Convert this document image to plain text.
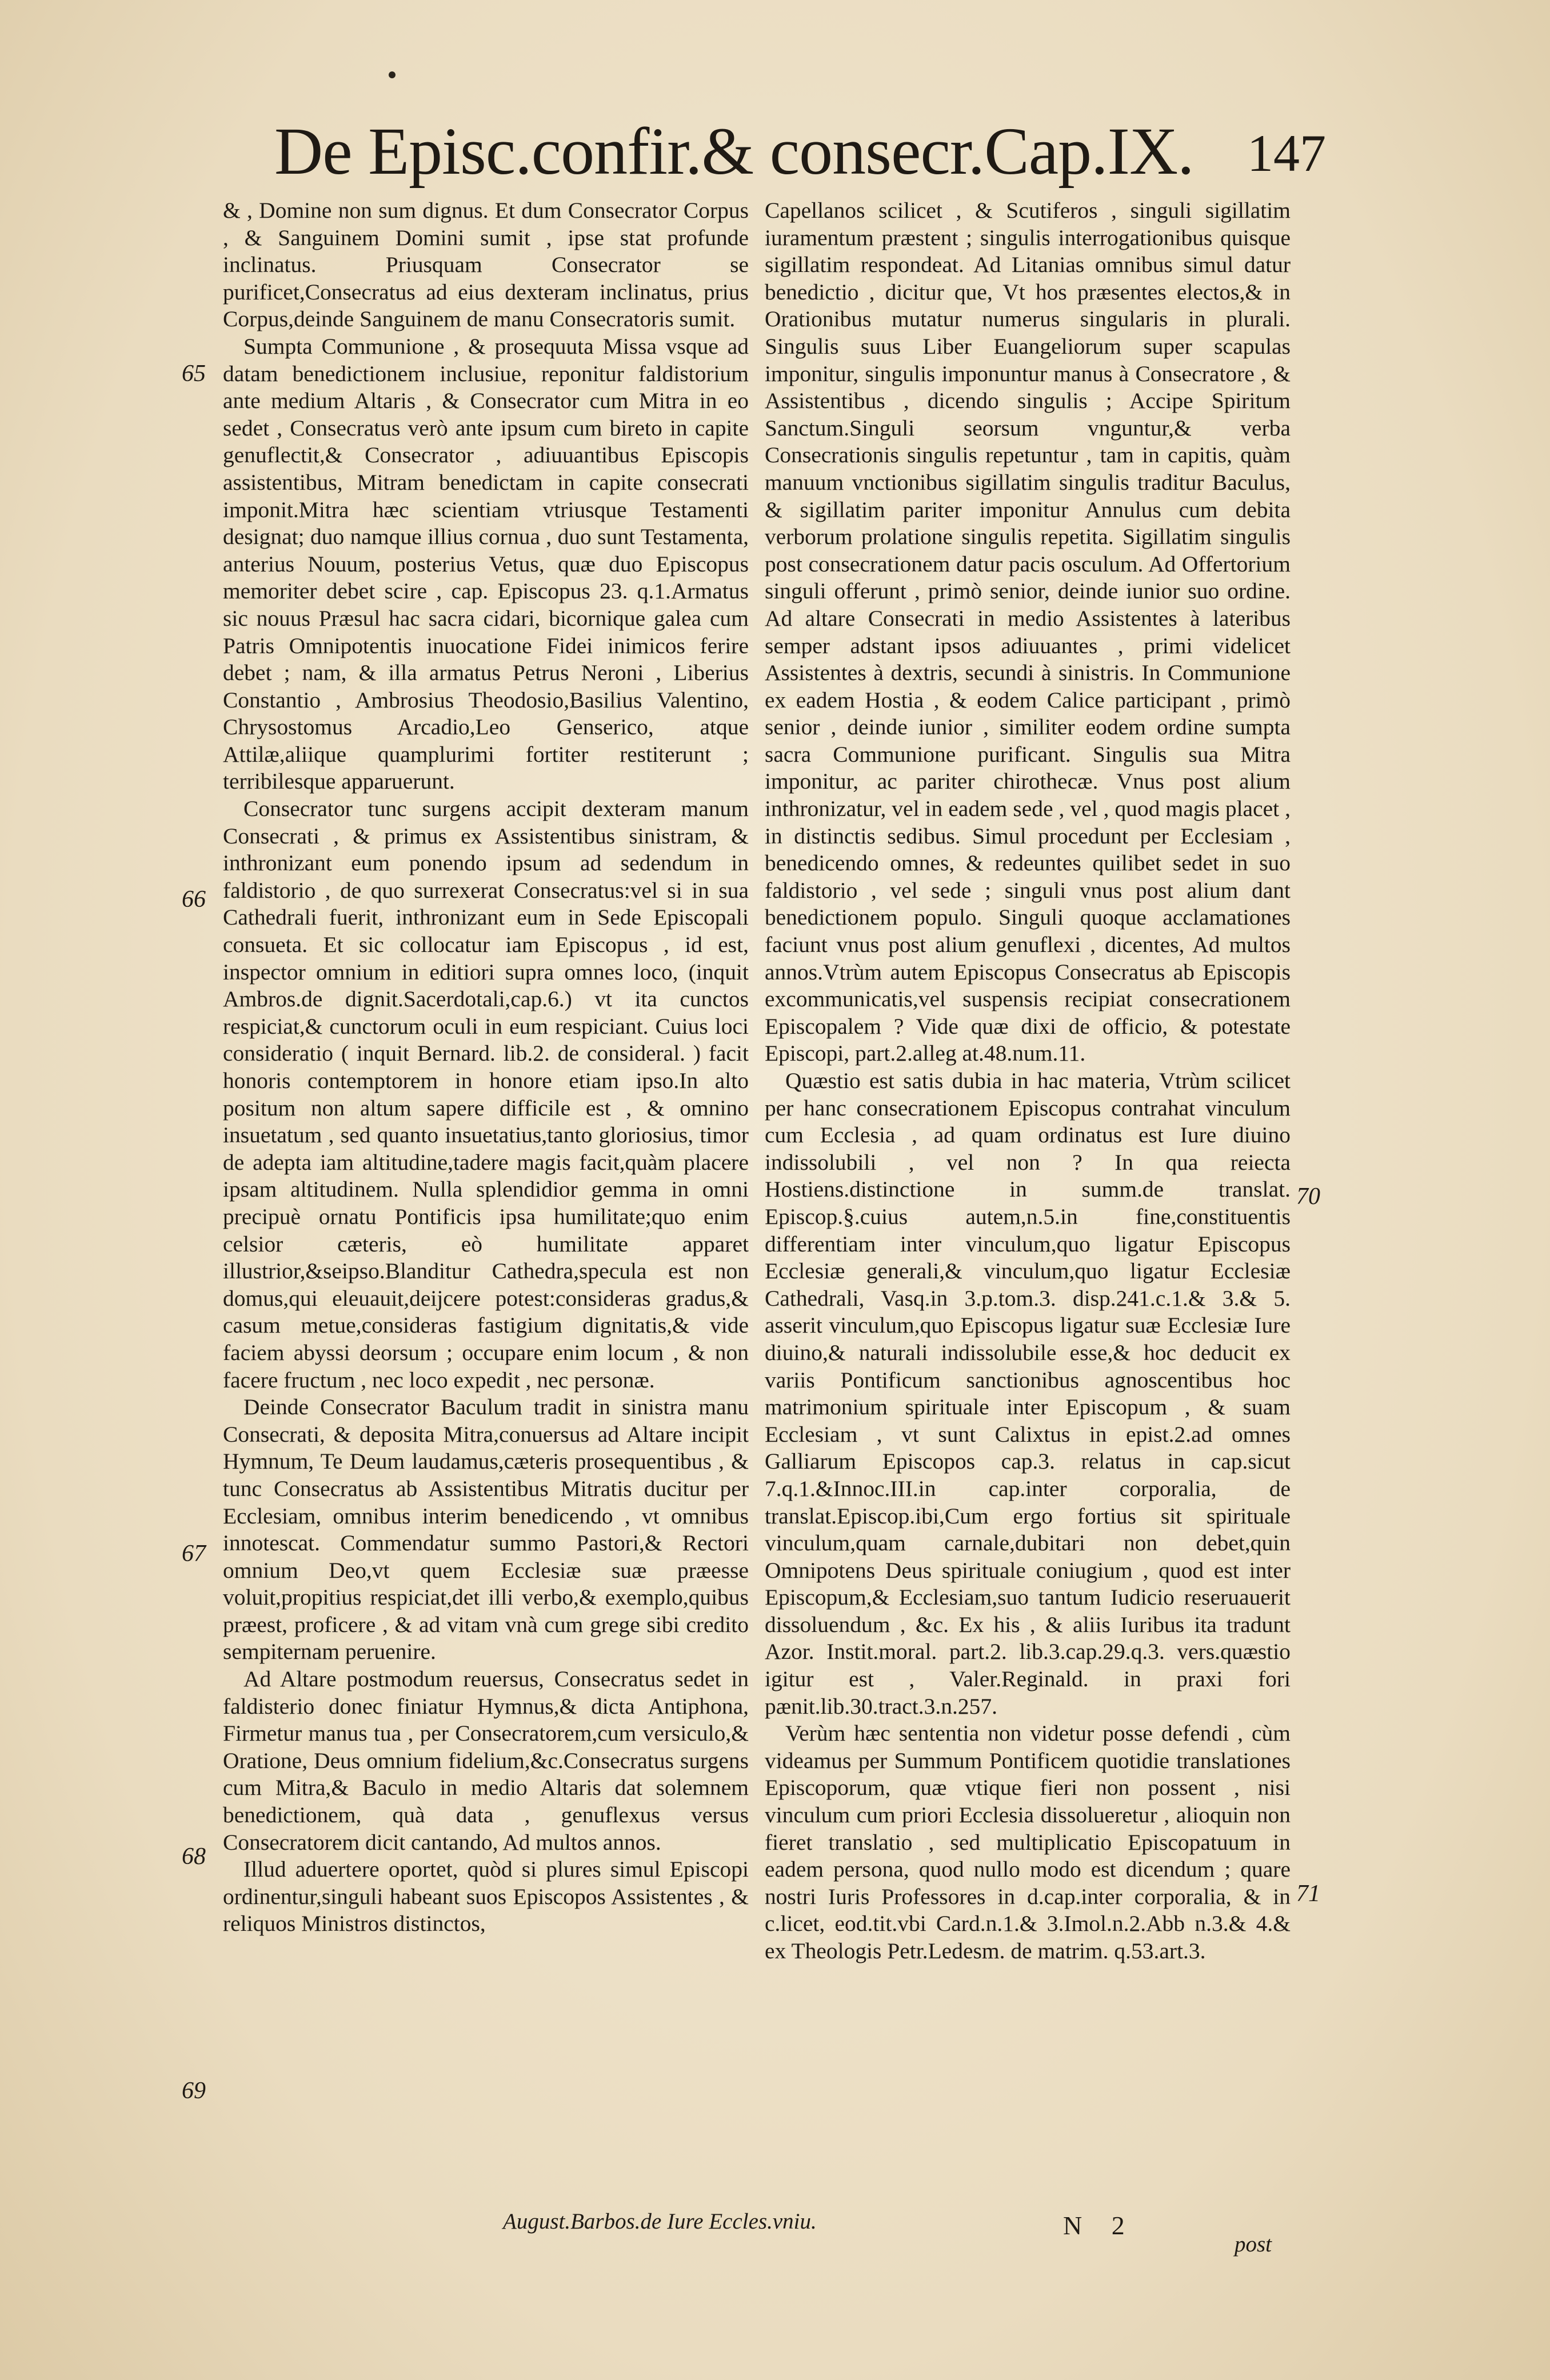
De Episc.confir.& consecr.Cap.IX. 147

& , Domine non sum dignus. Et dum Consecrator Corpus , & Sanguinem Domini sumit , ipse stat profunde inclinatus. Priusquam Consecrator se purificet,Consecratus ad eius dexteram inclinatus, prius Corpus,deinde Sanguinem de manu Consecratoris sumit.

Sumpta Communione , & prosequuta Missa vsque ad datam benedictionem inclusiue, reponitur faldistorium ante medium Altaris , & Consecrator cum Mitra in eo sedet , Consecratus verò ante ipsum cum bireto in capite genuflectit,& Consecrator , adiuuantibus Episcopis assistentibus, Mitram benedictam in capite consecrati imponit.Mitra hæc scientiam vtriusque Testamenti designat; duo namque illius cornua , duo sunt Testamenta, anterius Nouum, posterius Vetus, quæ duo Episcopus memoriter debet scire , cap. Episcopus 23. q.1.Armatus sic nouus Præsul hac sacra cidari, bicornique galea cum Patris Omnipotentis inuocatione Fidei inimicos ferire debet ; nam, & illa armatus Petrus Neroni , Liberius Constantio , Ambrosius Theodosio,Basilius Valentino, Chrysostomus Arcadio,Leo Genserico, atque Attilæ,aliique quamplurimi fortiter restiterunt ; terribilesque apparuerunt.

Consecrator tunc surgens accipit dexteram manum Consecrati , & primus ex Assistentibus sinistram, & inthronizant eum ponendo ipsum ad sedendum in faldistorio , de quo surrexerat Consecratus:vel si in sua Cathedrali fuerit, inthronizant eum in Sede Episcopali consueta. Et sic collocatur iam Episcopus , id est, inspector omnium in editiori supra omnes loco, (inquit Ambros.de dignit.Sacerdotali,cap.6.) vt ita cunctos respiciat,& cunctorum oculi in eum respiciant. Cuius loci consideratio ( inquit Bernard. lib.2. de consideral. ) facit honoris contemptorem in honore etiam ipso.In alto positum non altum sapere difficile est , & omnino insuetatum , sed quanto insuetatius,tanto gloriosius, timor de adepta iam altitudine,tadere magis facit,quàm placere ipsam altitudinem. Nulla splendidior gemma in omni precipuè ornatu Pontificis ipsa humilitate;quo enim celsior cæteris, eò humilitate apparet illustrior,&seipso.Blanditur Cathedra,specula est non domus,qui eleuauit,deijcere potest:consideras gradus,& casum metue,consideras fastigium dignitatis,& vide faciem abyssi deorsum ; occupare enim locum , & non facere fructum , nec loco expedit , nec personæ.

Deinde Consecrator Baculum tradit in sinistra manu Consecrati, & deposita Mitra,conuersus ad Altare incipit Hymnum, Te Deum laudamus,cæteris prosequentibus , & tunc Consecratus ab Assistentibus Mitratis ducitur per Ecclesiam, omnibus interim benedicendo , vt omnibus innotescat. Commendatur summo Pastori,& Rectori omnium Deo,vt quem Ecclesiæ suæ præesse voluit,propitius respiciat,det illi verbo,& exemplo,quibus præest, proficere , & ad vitam vnà cum grege sibi credito sempiternam peruenire.

Ad Altare postmodum reuersus, Consecratus sedet in faldisterio donec finiatur Hymnus,& dicta Antiphona, Firmetur manus tua , per Consecratorem,cum versiculo,& Oratione, Deus omnium fidelium,&c.Consecratus surgens cum Mitra,& Baculo in medio Altaris dat solemnem benedictionem, quà data , genuflexus versus Consecratorem dicit cantando, Ad multos annos.

Illud aduertere oportet, quòd si plures simul Episcopi ordinentur,singuli habeant suos Episcopos Assistentes , & reliquos Ministros distinctos,

Capellanos scilicet , & Scutiferos , singuli sigillatim iuramentum præstent ; singulis interrogationibus quisque sigillatim respondeat. Ad Litanias omnibus simul datur benedictio , dicitur que, Vt hos præsentes electos,& in Orationibus mutatur numerus singularis in plurali. Singulis suus Liber Euangeliorum super scapulas imponitur, singulis imponuntur manus à Consecratore , & Assistentibus , dicendo singulis ; Accipe Spiritum Sanctum.Singuli seorsum vnguntur,& verba Consecrationis singulis repetuntur , tam in capitis, quàm manuum vnctionibus sigillatim singulis traditur Baculus, & sigillatim pariter imponitur Annulus cum debita verborum prolatione singulis repetita. Sigillatim singulis post consecrationem datur pacis osculum. Ad Offertorium singuli offerunt , primò senior, deinde iunior suo ordine. Ad altare Consecrati in medio Assistentes à lateribus semper adstant ipsos adiuuantes , primi videlicet Assistentes à dextris, secundi à sinistris. In Communione ex eadem Hostia , & eodem Calice participant , primò senior , deinde iunior , similiter eodem ordine sumpta sacra Communione purificant. Singulis sua Mitra imponitur, ac pariter chirothecæ. Vnus post alium inthronizatur, vel in eadem sede , vel , quod magis placet , in distinctis sedibus. Simul procedunt per Ecclesiam , benedicendo omnes, & redeuntes quilibet sedet in suo faldistorio , vel sede ; singuli vnus post alium dant benedictionem populo. Singuli quoque acclamationes faciunt vnus post alium genuflexi , dicentes, Ad multos annos.Vtrùm autem Episcopus Consecratus ab Episcopis excommunicatis,vel suspensis recipiat consecrationem Episcopalem ? Vide quæ dixi de officio, & potestate Episcopi, part.2.alleg at.48.num.11.

Quæstio est satis dubia in hac materia, Vtrùm scilicet per hanc consecrationem Episcopus contrahat vinculum cum Ecclesia , ad quam ordinatus est Iure diuino indissolubili , vel non ? In qua reiecta Hostiens.distinctione in summ.de translat. Episcop.§.cuius autem,n.5.in fine,constituentis differentiam inter vinculum,quo ligatur Episcopus Ecclesiæ generali,& vinculum,quo ligatur Ecclesiæ Cathedrali, Vasq.in 3.p.tom.3. disp.241.c.1.& 3.& 5. asserit vinculum,quo Episcopus ligatur suæ Ecclesiæ Iure diuino,& naturali indissolubile esse,& hoc deducit ex variis Pontificum sanctionibus agnoscentibus hoc matrimonium spirituale inter Episcopum , & suam Ecclesiam , vt sunt Calixtus in epist.2.ad omnes Galliarum Episcopos cap.3. relatus in cap.sicut 7.q.1.&Innoc.III.in cap.inter corporalia, de translat.Episcop.ibi,Cum ergo fortius sit spirituale vinculum,quam carnale,dubitari non debet,quin Omnipotens Deus spirituale coniugium , quod est inter Episcopum,& Ecclesiam,suo tantum Iudicio reseruauerit dissoluendum , &c. Ex his , & aliis Iuribus ita tradunt Azor. Instit.moral. part.2. lib.3.cap.29.q.3. vers.quæstio igitur est , Valer.Reginald. in praxi fori pænit.lib.30.tract.3.n.257.

Verùm hæc sententia non videtur posse defendi , cùm videamus per Summum Pontificem quotidie translationes Episcoporum, quæ vtique fieri non possent , nisi vinculum cum priori Ecclesia dissolueretur , alioquin non fieret translatio , sed multiplicatio Episcopatuum in eadem persona, quod nullo modo est dicendum ; quare nostri Iuris Professores in d.cap.inter corporalia, & in c.licet, eod.tit.vbi Card.n.1.& 3.Imol.n.2.Abb n.3.& 4.& ex Theologis Petr.Ledesm. de matrim. q.53.art.3.

65
66
67
68
69
70
71
August.Barbos.de Iure Eccles.vniu.	N 2
post
